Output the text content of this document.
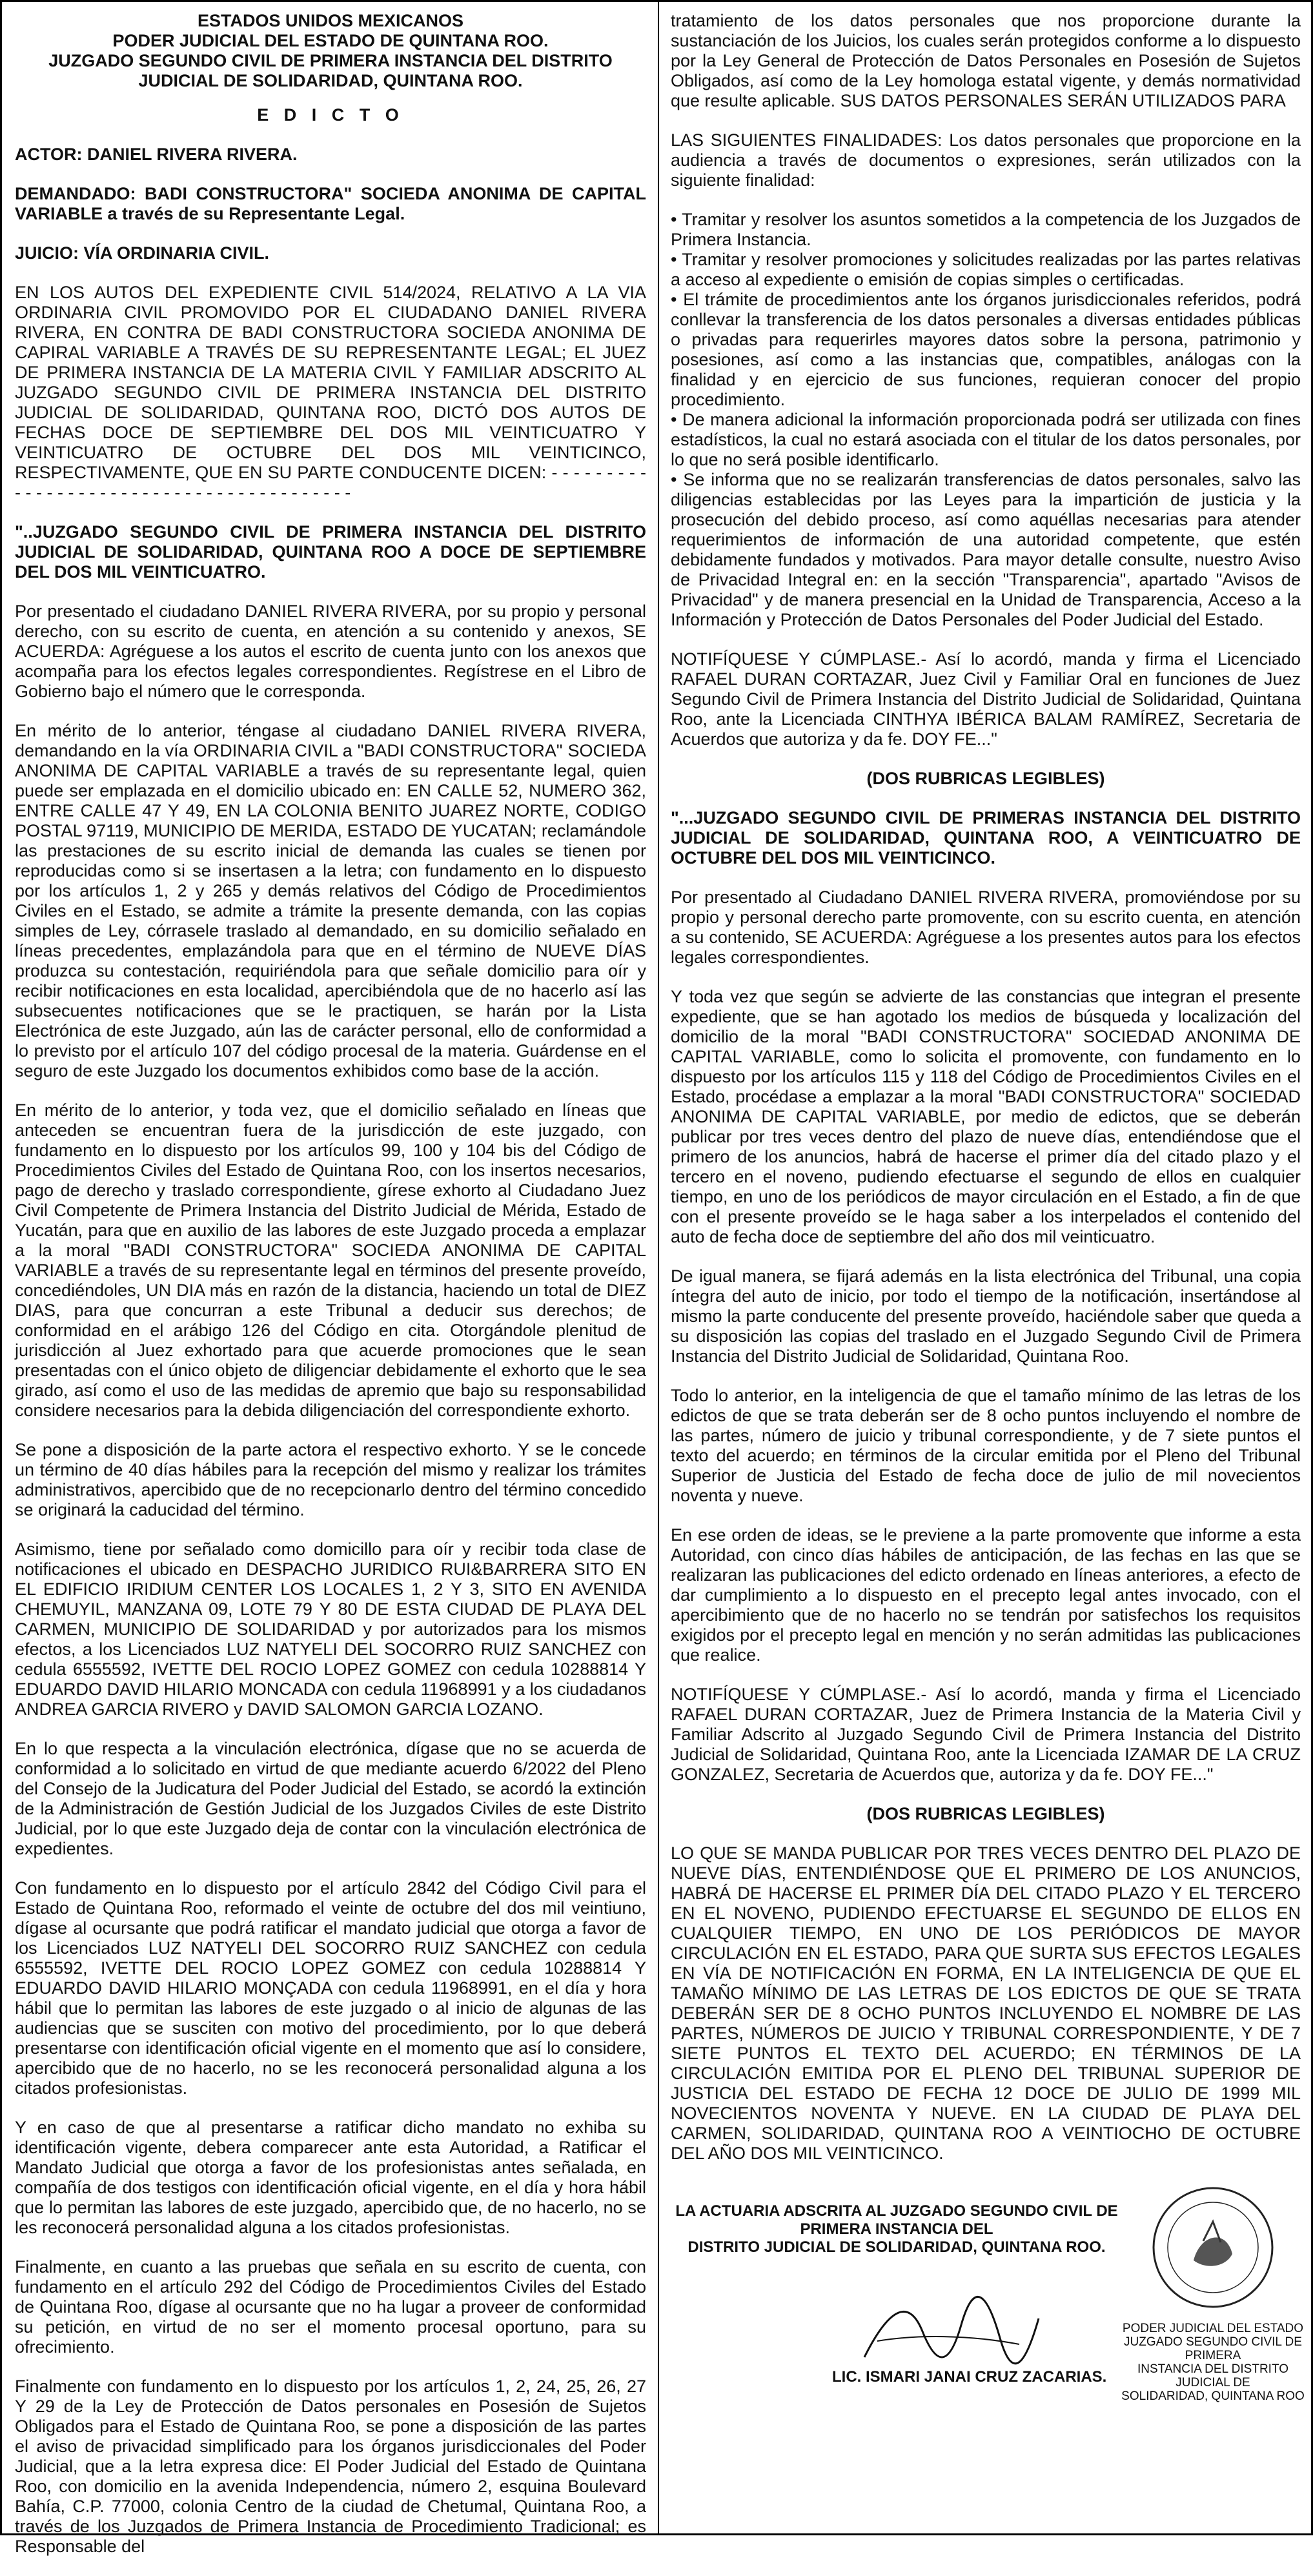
ESTADOS UNIDOS MEXICANOS

PODER JUDICIAL DEL ESTADO DE QUINTANA ROO.

JUZGADO SEGUNDO CIVIL DE PRIMERA INSTANCIA DEL DISTRITO

JUDICIAL DE SOLIDARIDAD, QUINTANA ROO.

E D I C T O

ACTOR: DANIEL RIVERA RIVERA.

DEMANDADO: BADI CONSTRUCTORA" SOCIEDA ANONIMA DE CAPITAL VARIABLE a través de su Representante Legal.

JUICIO: VÍA ORDINARIA CIVIL.

EN LOS AUTOS DEL EXPEDIENTE CIVIL 514/2024, RELATIVO A LA VIA ORDINARIA CIVIL PROMOVIDO POR EL CIUDADANO DANIEL RIVERA RIVERA, EN CONTRA DE BADI CONSTRUCTORA SOCIEDA ANONIMA DE CAPIRAL VARIABLE A TRAVÉS DE SU REPRESENTANTE LEGAL; EL JUEZ DE PRIMERA INSTANCIA DE LA MATERIA CIVIL Y FAMILIAR ADSCRITO AL JUZGADO SEGUNDO CIVIL DE PRIMERA INSTANCIA DEL DISTRITO JUDICIAL DE SOLIDARIDAD, QUINTANA ROO, DICTÓ DOS AUTOS DE FECHAS DOCE DE SEPTIEMBRE DEL DOS MIL VEINTICUATRO Y VEINTICUATRO DE OCTUBRE DEL DOS MIL VEINTICINCO, RESPECTIVAMENTE, QUE EN SU PARTE CONDUCENTE DICEN: - - - - - - - - - - - - - - - - - - - - - - - - - - - - - - - - - - - - - - - - -

"..JUZGADO SEGUNDO CIVIL DE PRIMERA INSTANCIA DEL DISTRITO JUDICIAL DE SOLIDARIDAD, QUINTANA ROO A DOCE DE SEPTIEMBRE DEL DOS MIL VEINTICUATRO.

Por presentado el ciudadano DANIEL RIVERA RIVERA, por su propio y personal derecho, con su escrito de cuenta, en atención a su contenido y anexos, SE ACUERDA: Agréguese a los autos el escrito de cuenta junto con los anexos que acompaña para los efectos legales correspondientes. Regístrese en el Libro de Gobierno bajo el número que le corresponda.

En mérito de lo anterior, téngase al ciudadano DANIEL RIVERA RIVERA, demandando en la vía ORDINARIA CIVIL a "BADI CONSTRUCTORA" SOCIEDA ANONIMA DE CAPITAL VARIABLE a través de su representante legal, quien puede ser emplazada en el domicilio ubicado en: EN CALLE 52, NUMERO 362, ENTRE CALLE 47 Y 49, EN LA COLONIA BENITO JUAREZ NORTE, CODIGO POSTAL 97119, MUNICIPIO DE MERIDA, ESTADO DE YUCATAN; reclamándole las prestaciones de su escrito inicial de demanda las cuales se tienen por reproducidas como si se insertasen a la letra; con fundamento en lo dispuesto por los artículos 1, 2 y 265 y demás relativos del Código de Procedimientos Civiles en el Estado, se admite a trámite la presente demanda, con las copias simples de Ley, córrasele traslado al demandado, en su domicilio señalado en líneas precedentes, emplazándola para que en el término de NUEVE DÍAS produzca su contestación, requiriéndola para que señale domicilio para oír y recibir notificaciones en esta localidad, apercibiéndola que de no hacerlo así las subsecuentes notificaciones que se le practiquen, se harán por la Lista Electrónica de este Juzgado, aún las de carácter personal, ello de conformidad a lo previsto por el artículo 107 del código procesal de la materia. Guárdense en el seguro de este Juzgado los documentos exhibidos como base de la acción.

En mérito de lo anterior, y toda vez, que el domicilio señalado en líneas que anteceden se encuentran fuera de la jurisdicción de este juzgado, con fundamento en lo dispuesto por los artículos 99, 100 y 104 bis del Código de Procedimientos Civiles del Estado de Quintana Roo, con los insertos necesarios, pago de derecho y traslado correspondiente, gírese exhorto al Ciudadano Juez Civil Competente de Primera Instancia del Distrito Judicial de Mérida, Estado de Yucatán, para que en auxilio de las labores de este Juzgado proceda a emplazar a la moral "BADI CONSTRUCTORA" SOCIEDA ANONIMA DE CAPITAL VARIABLE a través de su representante legal en términos del presente proveído, concediéndoles, UN DIA más en razón de la distancia, haciendo un total de DIEZ DIAS, para que concurran a este Tribunal a deducir sus derechos; de conformidad en el arábigo 126 del Código en cita. Otorgándole plenitud de jurisdicción al Juez exhortado para que acuerde promociones que le sean presentadas con el único objeto de diligenciar debidamente el exhorto que le sea girado, así como el uso de las medidas de apremio que bajo su responsabilidad considere necesarios para la debida diligenciación del correspondiente exhorto.

Se pone a disposición de la parte actora el respectivo exhorto. Y se le concede un término de 40 días hábiles para la recepción del mismo y realizar los trámites administrativos, apercibido que de no recepcionarlo dentro del término concedido se originará la caducidad del término.

Asimismo, tiene por señalado como domicillo para oír y recibir toda clase de notificaciones el ubicado en DESPACHO JURIDICO RUI&BARRERA SITO EN EL EDIFICIO IRIDIUM CENTER LOS LOCALES 1, 2 Y 3, SITO EN AVENIDA CHEMUYIL, MANZANA 09, LOTE 79 Y 80 DE ESTA CIUDAD DE PLAYA DEL CARMEN, MUNICIPIO DE SOLIDARIDAD y por autorizados para los mismos efectos, a los Licenciados LUZ NATYELI DEL SOCORRO RUIZ SANCHEZ con cedula 6555592, IVETTE DEL ROCIO LOPEZ GOMEZ con cedula 10288814 Y EDUARDO DAVID HILARIO MONCADA con cedula 11968991 y a los ciudadanos ANDREA GARCIA RIVERO y DAVID SALOMON GARCIA LOZANO.

En lo que respecta a la vinculación electrónica, dígase que no se acuerda de conformidad a lo solicitado en virtud de que mediante acuerdo 6/2022 del Pleno del Consejo de la Judicatura del Poder Judicial del Estado, se acordó la extinción de la Administración de Gestión Judicial de los Juzgados Civiles de este Distrito Judicial, por lo que este Juzgado deja de contar con la vinculación electrónica de expedientes.

Con fundamento en lo dispuesto por el artículo 2842 del Código Civil para el Estado de Quintana Roo, reformado el veinte de octubre del dos mil veintiuno, dígase al ocursante que podrá ratificar el mandato judicial que otorga a favor de los Licenciados LUZ NATYELI DEL SOCORRO RUIZ SANCHEZ con cedula 6555592, IVETTE DEL ROCIO LOPEZ GOMEZ con cedula 10288814 Y EDUARDO DAVID HILARIO MONÇADA con cedula 11968991, en el día y hora hábil que lo permitan las labores de este juzgado o al inicio de algunas de las audiencias que se susciten con motivo del procedimiento, por lo que deberá presentarse con identificación oficial vigente en el momento que así lo considere, apercibido que de no hacerlo, no se les reconocerá personalidad alguna a los citados profesionistas.

Y en caso de que al presentarse a ratificar dicho mandato no exhiba su identificación vigente, debera comparecer ante esta Autoridad, a Ratificar el Mandato Judicial que otorga a favor de los profesionistas antes señalada, en compañía de dos testigos con identificación oficial vigente, en el día y hora hábil que lo permitan las labores de este juzgado, apercibido que, de no hacerlo, no se les reconocerá personalidad alguna a los citados profesionistas.

Finalmente, en cuanto a las pruebas que señala en su escrito de cuenta, con fundamento en el artículo 292 del Código de Procedimientos Civiles del Estado de Quintana Roo, dígase al ocursante que no ha lugar a proveer de conformidad su petición, en virtud de no ser el momento procesal oportuno, para su ofrecimiento.

Finalmente con fundamento en lo dispuesto por los artículos 1, 2, 24, 25, 26, 27 Y 29 de la Ley de Protección de Datos personales en Posesión de Sujetos Obligados para el Estado de Quintana Roo, se pone a disposición de las partes el aviso de privacidad simplificado para los órganos jurisdiccionales del Poder Judicial, que a la letra expresa dice: El Poder Judicial del Estado de Quintana Roo, con domicilio en la avenida Independencia, número 2, esquina Boulevard Bahía, C.P. 77000, colonia Centro de la ciudad de Chetumal, Quintana Roo, a través de los Juzgados de Primera Instancia de Procedimiento Tradicional; es Responsable del

tratamiento de los datos personales que nos proporcione durante la sustanciación de los Juicios, los cuales serán protegidos conforme a lo dispuesto por la Ley General de Protección de Datos Personales en Posesión de Sujetos Obligados, así como de la Ley homologa estatal vigente, y demás normatividad que resulte aplicable. SUS DATOS PERSONALES SERÁN UTILIZADOS PARA

LAS SIGUIENTES FINALIDADES: Los datos personales que proporcione en la audiencia a través de documentos o expresiones, serán utilizados con la siguiente finalidad:

• Tramitar y resolver los asuntos sometidos a la competencia de los Juzgados de Primera Instancia.
• Tramitar y resolver promociones y solicitudes realizadas por las partes relativas a acceso al expediente o emisión de copias simples o certificadas.
• El trámite de procedimientos ante los órganos jurisdiccionales referidos, podrá conllevar la transferencia de los datos personales a diversas entidades públicas o privadas para requerirles mayores datos sobre la persona, patrimonio y posesiones, así como a las instancias que, compatibles, análogas con la finalidad y en ejercicio de sus funciones, requieran conocer del propio procedimiento.
• De manera adicional la información proporcionada podrá ser utilizada con fines estadísticos, la cual no estará asociada con el titular de los datos personales, por lo que no será posible identificarlo.
• Se informa que no se realizarán transferencias de datos personales, salvo las diligencias establecidas por las Leyes para la impartición de justicia y la prosecución del debido proceso, así como aquéllas necesarias para atender requerimientos de información de una autoridad competente, que estén debidamente fundados y motivados. Para mayor detalle consulte, nuestro Aviso de Privacidad Integral en: en la sección "Transparencia", apartado "Avisos de Privacidad" y de manera presencial en la Unidad de Transparencia, Acceso a la Información y Protección de Datos Personales del Poder Judicial del Estado.

NOTIFÍQUESE Y CÚMPLASE.- Así lo acordó, manda y firma el Licenciado RAFAEL DURAN CORTAZAR, Juez Civil y Familiar Oral en funciones de Juez Segundo Civil de Primera Instancia del Distrito Judicial de Solidaridad, Quintana Roo, ante la Licenciada CINTHYA IBÉRICA BALAM RAMÍREZ, Secretaria de Acuerdos que autoriza y da fe. DOY FE..."

(DOS RUBRICAS LEGIBLES)

"...JUZGADO SEGUNDO CIVIL DE PRIMERAS INSTANCIA DEL DISTRITO JUDICIAL DE SOLIDARIDAD, QUINTANA ROO, A VEINTICUATRO DE OCTUBRE DEL DOS MIL VEINTICINCO.

Por presentado al Ciudadano DANIEL RIVERA RIVERA, promoviéndose por su propio y personal derecho parte promovente, con su escrito cuenta, en atención a su contenido, SE ACUERDA: Agréguese a los presentes autos para los efectos legales correspondientes.

Y toda vez que según se advierte de las constancias que integran el presente expediente, que se han agotado los medios de búsqueda y localización del domicilio de la moral "BADI CONSTRUCTORA" SOCIEDAD ANONIMA DE CAPITAL VARIABLE, como lo solicita el promovente, con fundamento en lo dispuesto por los artículos 115 y 118 del Código de Procedimientos Civiles en el Estado, procédase a emplazar a la moral "BADI CONSTRUCTORA" SOCIEDAD ANONIMA DE CAPITAL VARIABLE, por medio de edictos, que se deberán publicar por tres veces dentro del plazo de nueve días, entendiéndose que el primero de los anuncios, habrá de hacerse el primer día del citado plazo y el tercero en el noveno, pudiendo efectuarse el segundo de ellos en cualquier tiempo, en uno de los periódicos de mayor circulación en el Estado, a fin de que con el presente proveído se le haga saber a los interpelados el contenido del auto de fecha doce de septiembre del año dos mil veinticuatro.

De igual manera, se fijará además en la lista electrónica del Tribunal, una copia íntegra del auto de inicio, por todo el tiempo de la notificación, insertándose al mismo la parte conducente del presente proveído, haciéndole saber que queda a su disposición las copias del traslado en el Juzgado Segundo Civil de Primera Instancia del Distrito Judicial de Solidaridad, Quintana Roo.

Todo lo anterior, en la inteligencia de que el tamaño mínimo de las letras de los edictos de que se trata deberán ser de 8 ocho puntos incluyendo el nombre de las partes, número de juicio y tribunal correspondiente, y de 7 siete puntos el texto del acuerdo; en términos de la circular emitida por el Pleno del Tribunal Superior de Justicia del Estado de fecha doce de julio de mil novecientos noventa y nueve.

En ese orden de ideas, se le previene a la parte promovente que informe a esta Autoridad, con cinco días hábiles de anticipación, de las fechas en las que se realizaran las publicaciones del edicto ordenado en líneas anteriores, a efecto de dar cumplimiento a lo dispuesto en el precepto legal antes invocado, con el apercibimiento que de no hacerlo no se tendrán por satisfechos los requisitos exigidos por el precepto legal en mención y no serán admitidas las publicaciones que realice.

NOTIFÍQUESE Y CÚMPLASE.- Así lo acordó, manda y firma el Licenciado RAFAEL DURAN CORTAZAR, Juez de Primera Instancia de la Materia Civil y Familiar Adscrito al Juzgado Segundo Civil de Primera Instancia del Distrito Judicial de Solidaridad, Quintana Roo, ante la Licenciada IZAMAR DE LA CRUZ GONZALEZ, Secretaria de Acuerdos que, autoriza y da fe. DOY FE..."

(DOS RUBRICAS LEGIBLES)

LO QUE SE MANDA PUBLICAR POR TRES VECES DENTRO DEL PLAZO DE NUEVE DÍAS, ENTENDIÉNDOSE QUE EL PRIMERO DE LOS ANUNCIOS, HABRÁ DE HACERSE EL PRIMER DÍA DEL CITADO PLAZO Y EL TERCERO EN EL NOVENO, PUDIENDO EFECTUARSE EL SEGUNDO DE ELLOS EN CUALQUIER TIEMPO, EN UNO DE LOS PERIÓDICOS DE MAYOR CIRCULACIÓN EN EL ESTADO, PARA QUE SURTA SUS EFECTOS LEGALES EN VÍA DE NOTIFICACIÓN EN FORMA, EN LA INTELIGENCIA DE QUE EL TAMAÑO MÍNIMO DE LAS LETRAS DE LOS EDICTOS DE QUE SE TRATA DEBERÁN SER DE 8 OCHO PUNTOS INCLUYENDO EL NOMBRE DE LAS PARTES, NÚMEROS DE JUICIO Y TRIBUNAL CORRESPONDIENTE, Y DE 7 SIETE PUNTOS EL TEXTO DEL ACUERDO; EN TÉRMINOS DE LA CIRCULACIÓN EMITIDA POR EL PLENO DEL TRIBUNAL SUPERIOR DE JUSTICIA DEL ESTADO DE FECHA 12 DOCE DE JULIO DE 1999 MIL NOVECIENTOS NOVENTA Y NUEVE. EN LA CIUDAD DE PLAYA DEL CARMEN, SOLIDARIDAD, QUINTANA ROO A VEINTIOCHO DE OCTUBRE DEL AÑO DOS MIL VEINTICINCO.

LA ACTUARIA ADSCRITA AL JUZGADO SEGUNDO CIVIL DE PRIMERA INSTANCIA DEL
DISTRITO JUDICIAL DE SOLIDARIDAD, QUINTANA ROO.
PODER JUDICIAL DEL ESTADO
JUZGADO SEGUNDO CIVIL DE PRIMERA
INSTANCIA DEL DISTRITO JUDICIAL DE
SOLIDARIDAD, QUINTANA ROO
LIC. ISMARI JANAI CRUZ ZACARIAS.
